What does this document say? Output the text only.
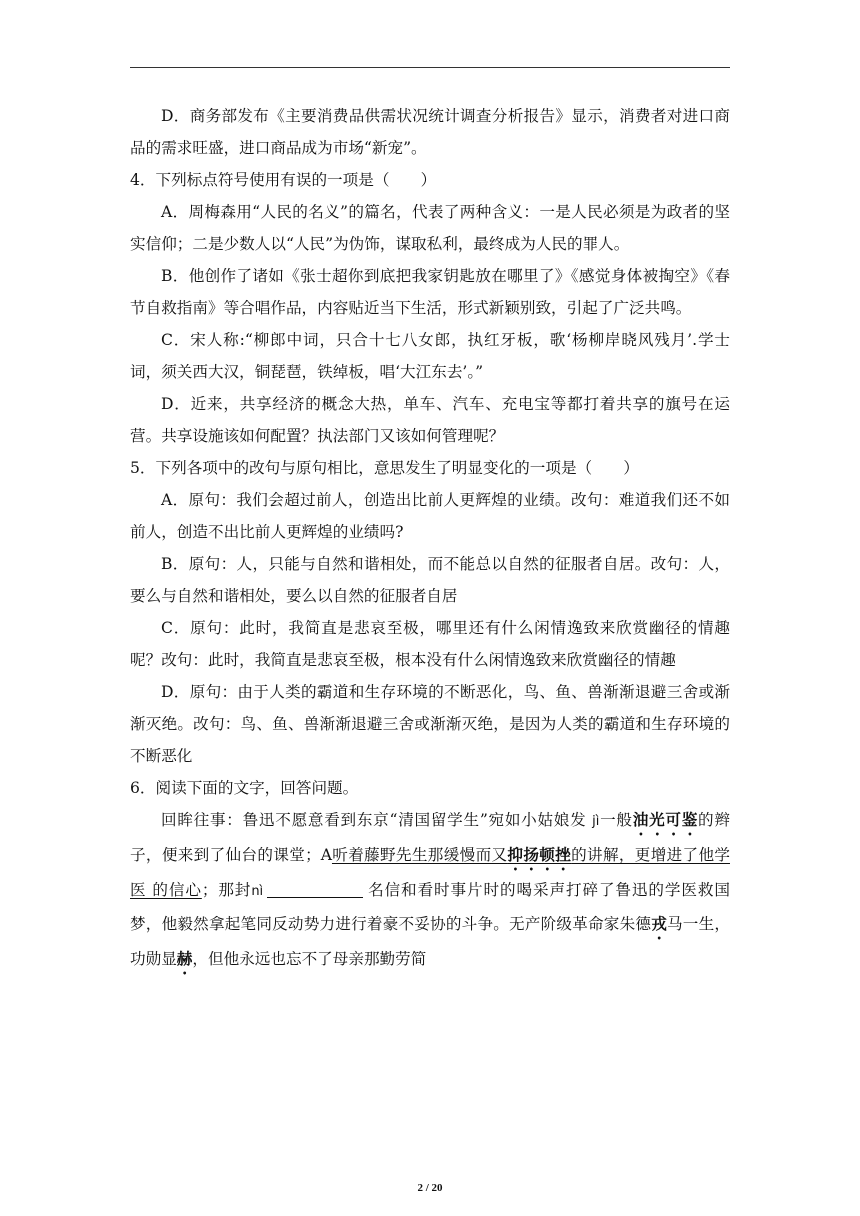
D．商务部发布《主要消费品供需状况统计调查分析报告》显示，消费者对进口商品的需求旺盛，进口商品成为市场“新宠”。

4．下列标点符号使用有误的一项是（　　）

A．周梅森用“人民的名义”的篇名，代表了两种含义：一是人民必须是为政者的坚实信仰；二是少数人以“人民”为伪饰，谋取私利，最终成为人民的罪人。

B．他创作了诸如《张士超你到底把我家钥匙放在哪里了》《感觉身体被掏空》《春节自救指南》等合唱作品，内容贴近当下生活，形式新颖别致，引起了广泛共鸣。

C．宋人称:“柳郎中词，只合十七八女郎，执红牙板，歌‘杨柳岸晓风残月’.学士词，须关西大汉，铜琵琶，铁绰板，唱‘大江东去’。”

D．近来，共享经济的概念大热，单车、汽车、充电宝等都打着共享的旗号在运营。共享设施该如何配置？执法部门又该如何管理呢？

5．下列各项中的改句与原句相比，意思发生了明显变化的一项是（　　）

A．原句：我们会超过前人，创造出比前人更辉煌的业绩。改句：难道我们还不如前人，创造不出比前人更辉煌的业绩吗?

B．原句：人，只能与自然和谐相处，而不能总以自然的征服者自居。改句：人，要么与自然和谐相处，要么以自然的征服者自居

C．原句：此时，我简直是悲哀至极，哪里还有什么闲情逸致来欣赏幽径的情趣呢？改句：此时，我简直是悲哀至极，根本没有什么闲情逸致来欣赏幽径的情趣

D．原句：由于人类的霸道和生存环境的不断恶化，鸟、鱼、兽渐渐退避三舍或渐渐灭绝。改句：鸟、鱼、兽渐渐退避三舍或渐渐灭绝，是因为人类的霸道和生存环境的不断恶化

6．阅读下面的文字，回答问题。

回眸往事：鲁迅不愿意看到东京“清国留学生”宛如小姑娘发 jì一般油光可鉴的辫子，便来到了仙台的课堂；A听着藤野先生那缓慢而又抑扬顿挫的讲解，更增进了他学医 的信心；那封nì	名信和看时事片时的喝采声打碎了鲁迅的学医救国梦，他毅然拿起笔同反动势力进行着豪不妥协的斗争。无产阶级革命家朱德戎马一生，功勋显赫，但他永远也忘不了母亲那勤劳简

2 / 20
